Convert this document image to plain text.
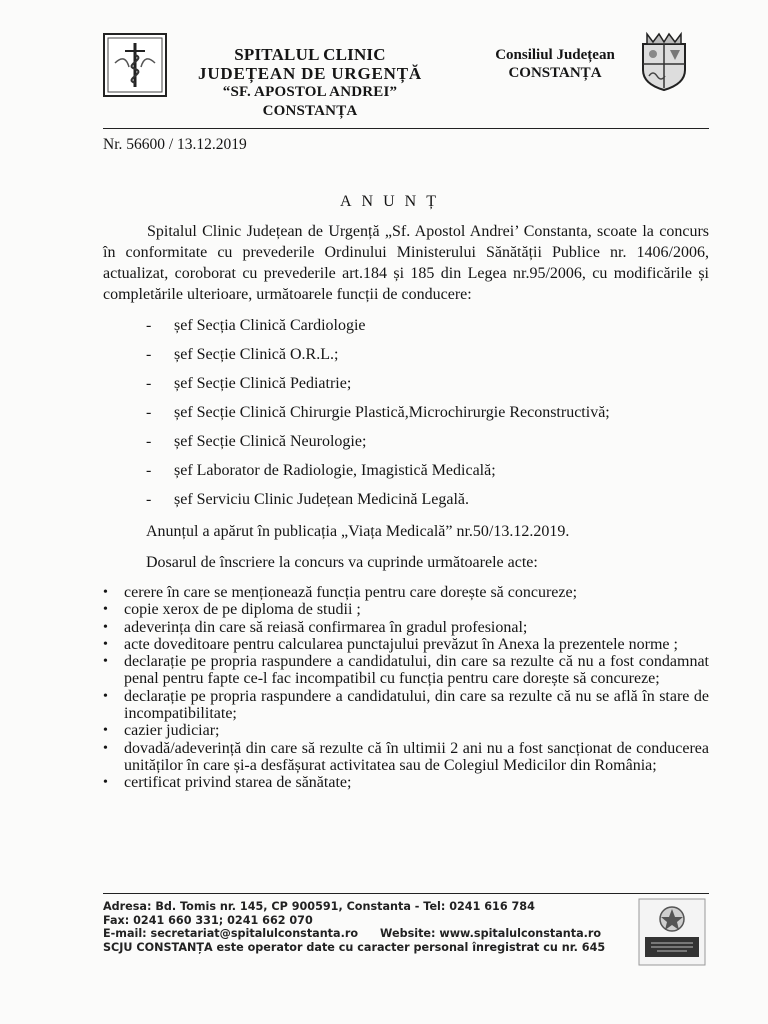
SPITALUL CLINIC
JUDEȚEAN DE URGENȚĂ
“SF. APOSTOL ANDREI”
CONSTANȚA
Consiliul Județean
CONSTANȚA
Nr. 56600 / 13.12.2019
ANUNȚ

Spitalul Clinic Județean de Urgență „Sf. Apostol Andrei’ Constanta, scoate la concurs în conformitate cu prevederile Ordinului Ministerului Sănătății Publice nr. 1406/2006, actualizat, coroborat cu prevederile art.184 și 185 din Legea nr.95/2006, cu modificările și completările ulterioare, următoarele funcții de conducere:

- șef Secția Clinică Cardiologie
- șef Secție Clinică O.R.L.;
- șef Secție Clinică Pediatrie;
- șef Secție Clinică Chirurgie Plastică,Microchirurgie Reconstructivă;
- șef Secție Clinică Neurologie;
- șef Laborator de Radiologie, Imagistică Medicală;
- șef Serviciu Clinic Județean Medicină Legală.
Anunțul a apărut în publicația „Viața Medicală” nr.50/13.12.2019.
Dosarul de înscriere la concurs va cuprinde următoarele acte:
• cerere în care se menționează funcția pentru care dorește să concureze;
• copie xerox de pe diploma de studii ;
• adeverința din care să reiasă confirmarea în gradul profesional;
• acte doveditoare pentru calcularea punctajului prevăzut în Anexa la prezentele norme ;
• declarație pe propria raspundere a candidatului, din care sa rezulte că nu a fost condamnat penal pentru fapte ce-l fac incompatibil cu funcția pentru care dorește să concureze;
• declarație pe propria raspundere a candidatului, din care sa rezulte că nu se află în stare de incompatibilitate;
• cazier judiciar;
• dovadă/adeverință din care să rezulte că în ultimii 2 ani nu a fost sancționat de conducerea unităților în care și-a desfășurat activitatea sau de Colegiul Medicilor din România;
• certificat privind starea de sănătate;
Adresa: Bd. Tomis nr. 145, CP 900591, Constanta - Tel: 0241 616 784
Fax: 0241 660 331; 0241 662 070
E-mail: secretariat@spitalulconstanta.ro Website: www.spitalulconstanta.ro
SCJU CONSTANȚA este operator date cu caracter personal înregistrat cu nr. 645
